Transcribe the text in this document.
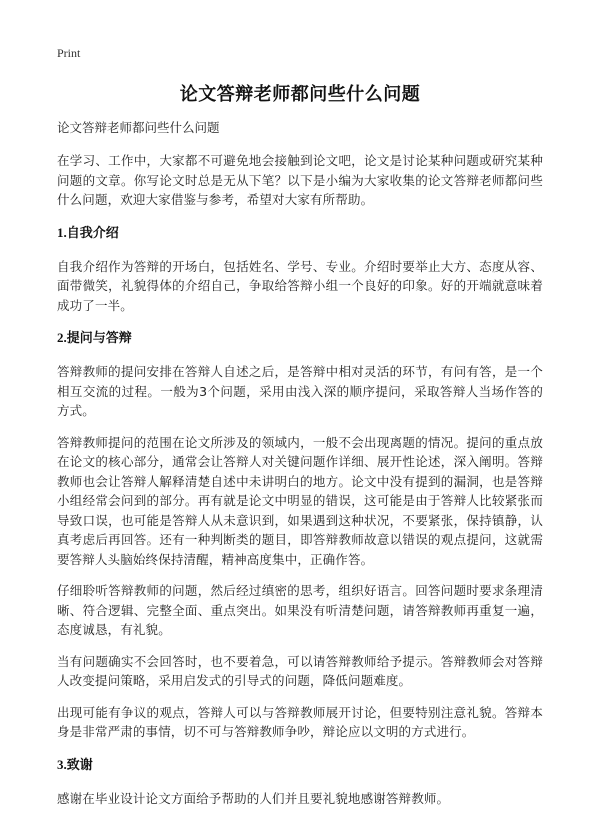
Print
论文答辩老师都问些什么问题
论文答辩老师都问些什么问题

在学习、工作中，大家都不可避免地会接触到论文吧，论文是讨论某种问题或研究某种问题的文章。你写论文时总是无从下笔？以下是小编为大家收集的论文答辩老师都问些什么问题，欢迎大家借鉴与参考，希望对大家有所帮助。

1.自我介绍

自我介绍作为答辩的开场白，包括姓名、学号、专业。介绍时要举止大方、态度从容、面带微笑，礼貌得体的介绍自己，争取给答辩小组一个良好的印象。好的开端就意味着成功了一半。

2.提问与答辩

答辩教师的提问安排在答辩人自述之后，是答辩中相对灵活的环节，有问有答，是一个相互交流的过程。一般为3个问题，采用由浅入深的顺序提问，采取答辩人当场作答的方式。

答辩教师提问的范围在论文所涉及的领域内，一般不会出现离题的情况。提问的重点放在论文的核心部分，通常会让答辩人对关键问题作详细、展开性论述，深入阐明。答辩教师也会让答辩人解释清楚自述中未讲明白的地方。论文中没有提到的漏洞，也是答辩小组经常会问到的部分。再有就是论文中明显的错误，这可能是由于答辩人比较紧张而导致口误，也可能是答辩人从未意识到，如果遇到这种状况，不要紧张，保持镇静，认真考虑后再回答。还有一种判断类的题目，即答辩教师故意以错误的观点提问，这就需要答辩人头脑始终保持清醒，精神高度集中，正确作答。

仔细聆听答辩教师的问题，然后经过缜密的思考，组织好语言。回答问题时要求条理清晰、符合逻辑、完整全面、重点突出。如果没有听清楚问题，请答辩教师再重复一遍，态度诚恳，有礼貌。

当有问题确实不会回答时，也不要着急，可以请答辩教师给予提示。答辩教师会对答辩人改变提问策略，采用启发式的引导式的问题，降低问题难度。

出现可能有争议的观点，答辩人可以与答辩教师展开讨论，但要特别注意礼貌。答辩本身是非常严肃的事情，切不可与答辩教师争吵，辩论应以文明的方式进行。

3.致谢

感谢在毕业设计论文方面给予帮助的人们并且要礼貌地感谢答辩教师。
